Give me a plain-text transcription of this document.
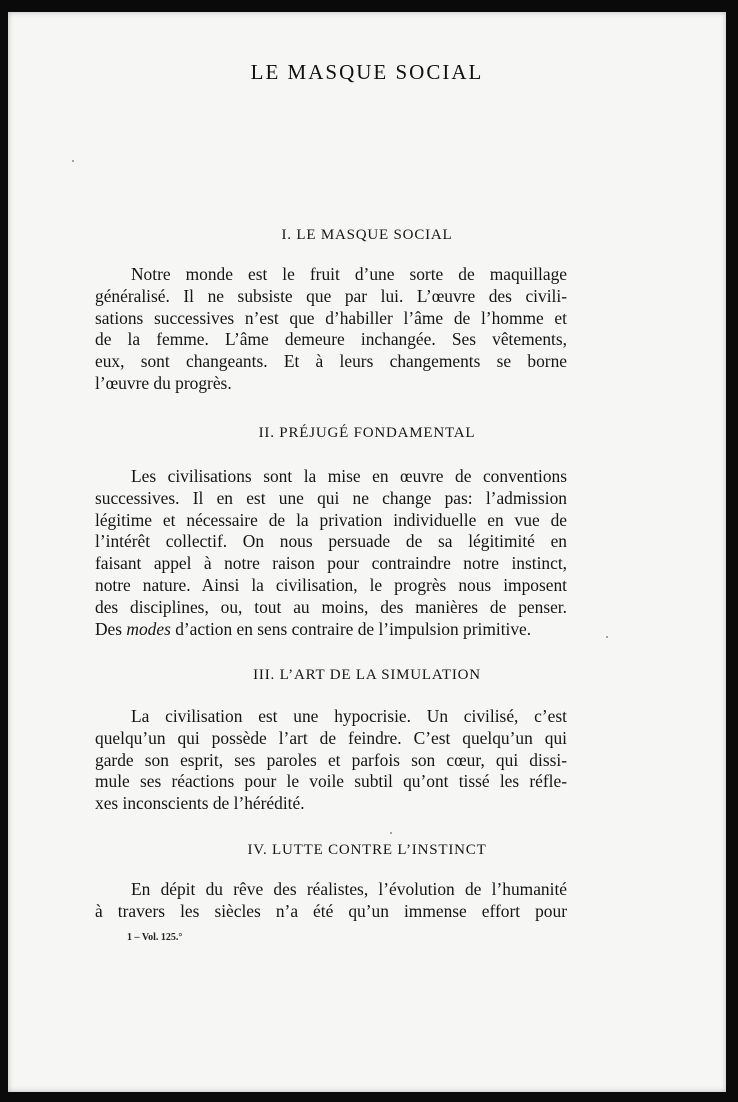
LE MASQUE SOCIAL
I. LE MASQUE SOCIAL
Notre monde est le fruit d’une sorte de maquillage
généralisé. Il ne subsiste que par lui. L’œuvre des civili-
sations successives n’est que d’habiller l’âme de l’homme et
de la femme. L’âme demeure inchangée. Ses vêtements,
eux, sont changeants. Et à leurs changements se borne
l’œuvre du progrès.
II. PRÉJUGÉ FONDAMENTAL
Les civilisations sont la mise en œuvre de conventions
successives. Il en est une qui ne change pas: l’admission
légitime et nécessaire de la privation individuelle en vue de
l’intérêt collectif. On nous persuade de sa légitimité en
faisant appel à notre raison pour contraindre notre instinct,
notre nature. Ainsi la civilisation, le progrès nous imposent
des disciplines, ou, tout au moins, des manières de penser.
Des modes d’action en sens contraire de l’impulsion primitive.
III. L’ART DE LA SIMULATION
La civilisation est une hypocrisie. Un civilisé, c’est
quelqu’un qui possède l’art de feindre. C’est quelqu’un qui
garde son esprit, ses paroles et parfois son cœur, qui dissi-
mule ses réactions pour le voile subtil qu’ont tissé les réfle-
xes inconscients de l’hérédité.
IV. LUTTE CONTRE L’INSTINCT
En dépit du rêve des réalistes, l’évolution de l’humanité
à travers les siècles n’a été qu’un immense effort pour
1 – Vol. 125.°
